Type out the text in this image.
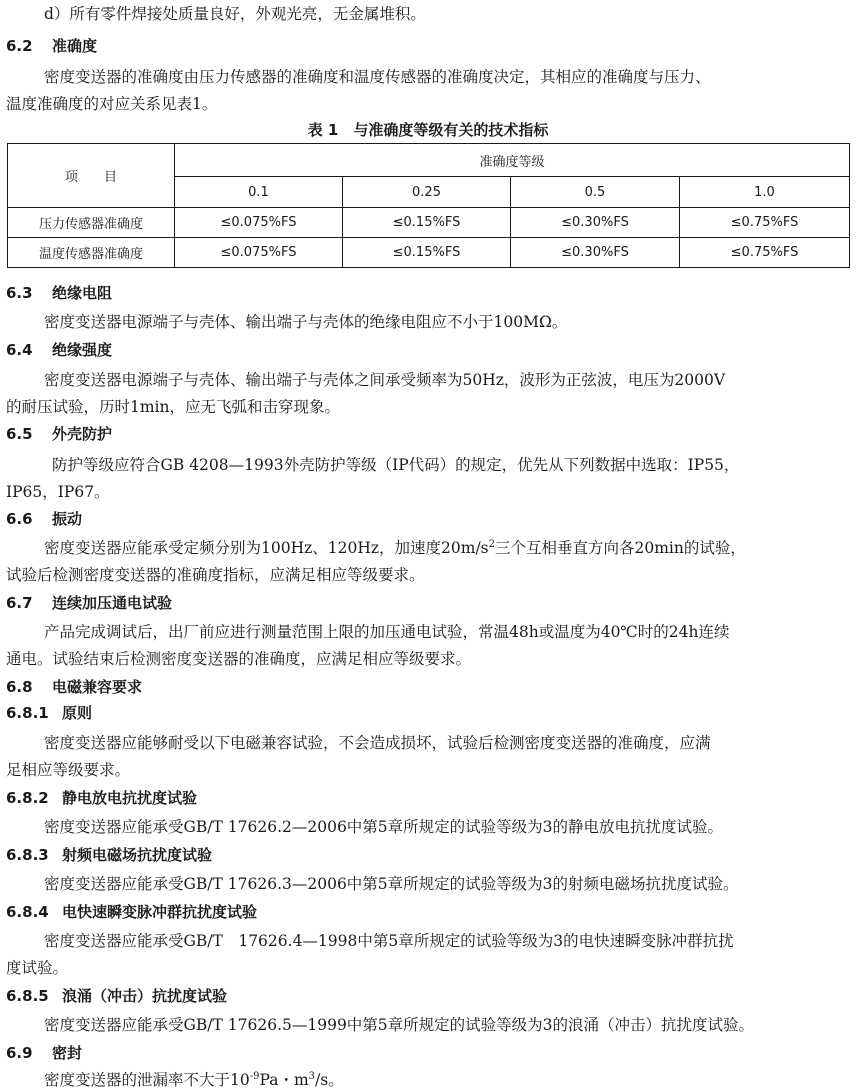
d）所有零件焊接处质量良好，外观光亮，无金属堆积。
6.2 准确度
密度变送器的准确度由压力传感器的准确度和温度传感器的准确度决定，其相应的准确度与压力、
温度准确度的对应关系见表1。
表 1　与准确度等级有关的技术指标
项　　目	准确度等级			
	0.1	0.25	0.5	1.0
压力传感器准确度	≤0.075%FS	≤0.15%FS	≤0.30%FS	≤0.75%FS
温度传感器准确度	≤0.075%FS	≤0.15%FS	≤0.30%FS	≤0.75%FS
6.3 绝缘电阻
密度变送器电源端子与壳体、输出端子与壳体的绝缘电阻应不小于100MΩ。
6.4 绝缘强度
密度变送器电源端子与壳体、输出端子与壳体之间承受频率为50Hz，波形为正弦波，电压为2000V
的耐压试验，历时1min，应无飞弧和击穿现象。
6.5 外壳防护
防护等级应符合GB 4208—1993外壳防护等级（IP代码）的规定，优先从下列数据中选取：IP55，
IP65，IP67。
6.6 振动
密度变送器应能承受定频分别为100Hz、120Hz，加速度$20m/s^2$三个互相垂直方向各20min的试验，
试验后检测密度变送器的准确度指标，应满足相应等级要求。
6.7 连续加压通电试验
产品完成调试后，出厂前应进行测量范围上限的加压通电试验，常温48h或温度为40℃时的24h连续
通电。试验结束后检测密度变送器的准确度，应满足相应等级要求。
6.8 电磁兼容要求
6.8.1 原则
密度变送器应能够耐受以下电磁兼容试验，不会造成损坏，试验后检测密度变送器的准确度，应满
足相应等级要求。
6.8.2 静电放电抗扰度试验
密度变送器应能承受GB/T 17626.2—2006中第5章所规定的试验等级为3的静电放电抗扰度试验。
6.8.3 射频电磁场抗扰度试验
密度变送器应能承受GB/T 17626.3—2006中第5章所规定的试验等级为3的射频电磁场抗扰度试验。
6.8.4 电快速瞬变脉冲群抗扰度试验
密度变送器应能承受GB/T　17626.4—1998中第5章所规定的试验等级为3的电快速瞬变脉冲群抗扰
度试验。
6.8.5 浪涌（冲击）抗扰度试验
密度变送器应能承受GB/T 17626.5—1999中第5章所规定的试验等级为3的浪涌（冲击）抗扰度试验。
6.9 密封
密度变送器的泄漏率不大于$10^{-9}Pa$・$m^3/s$。
